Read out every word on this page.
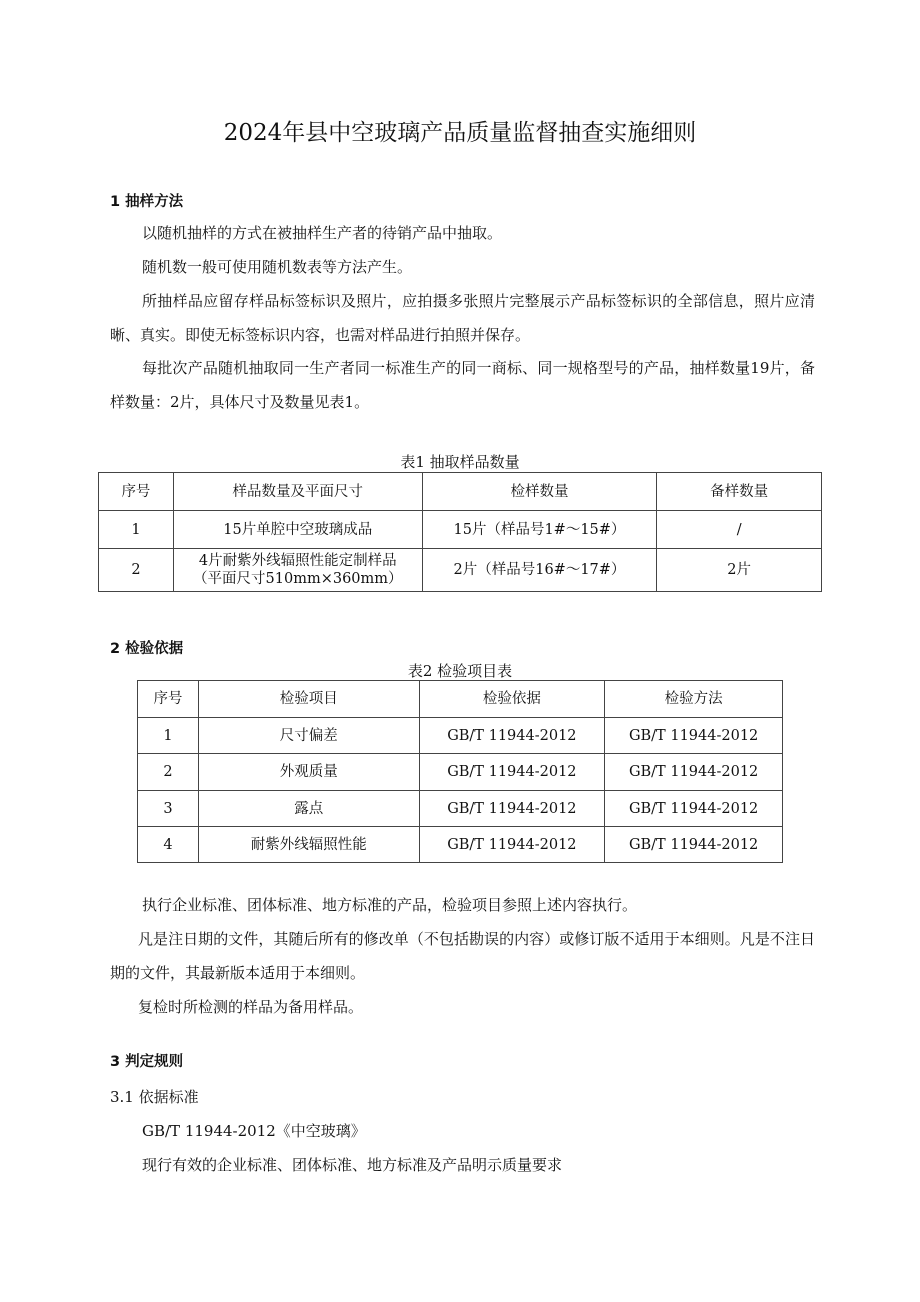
2024年县中空玻璃产品质量监督抽查实施细则
1 抽样方法
以随机抽样的方式在被抽样生产者的待销产品中抽取。
随机数一般可使用随机数表等方法产生。
所抽样品应留存样品标签标识及照片，应拍摄多张照片完整展示产品标签标识的全部信息，照片应清晰、真实。即使无标签标识内容，也需对样品进行拍照并保存。
每批次产品随机抽取同一生产者同一标准生产的同一商标、同一规格型号的产品，抽样数量19片，备样数量：2片，具体尺寸及数量见表1。
表1 抽取样品数量
序号	样品数量及平面尺寸	检样数量	备样数量
1	15片单腔中空玻璃成品	15片（样品号1#～15#）	/
2	4片耐紫外线辐照性能定制样品
（平面尺寸510mm×360mm）	2片（样品号16#～17#）	2片
2 检验依据
表2 检验项目表
序号	检验项目	检验依据	检验方法
1	尺寸偏差	GB/T 11944-2012	GB/T 11944-2012
2	外观质量	GB/T 11944-2012	GB/T 11944-2012
3	露点	GB/T 11944-2012	GB/T 11944-2012
4	耐紫外线辐照性能	GB/T 11944-2012	GB/T 11944-2012
执行企业标准、团体标准、地方标准的产品，检验项目参照上述内容执行。
凡是注日期的文件，其随后所有的修改单（不包括勘误的内容）或修订版不适用于本细则。凡是不注日期的文件，其最新版本适用于本细则。
复检时所检测的样品为备用样品。
3 判定规则
3.1 依据标准
GB/T 11944-2012《中空玻璃》
现行有效的企业标准、团体标准、地方标准及产品明示质量要求
